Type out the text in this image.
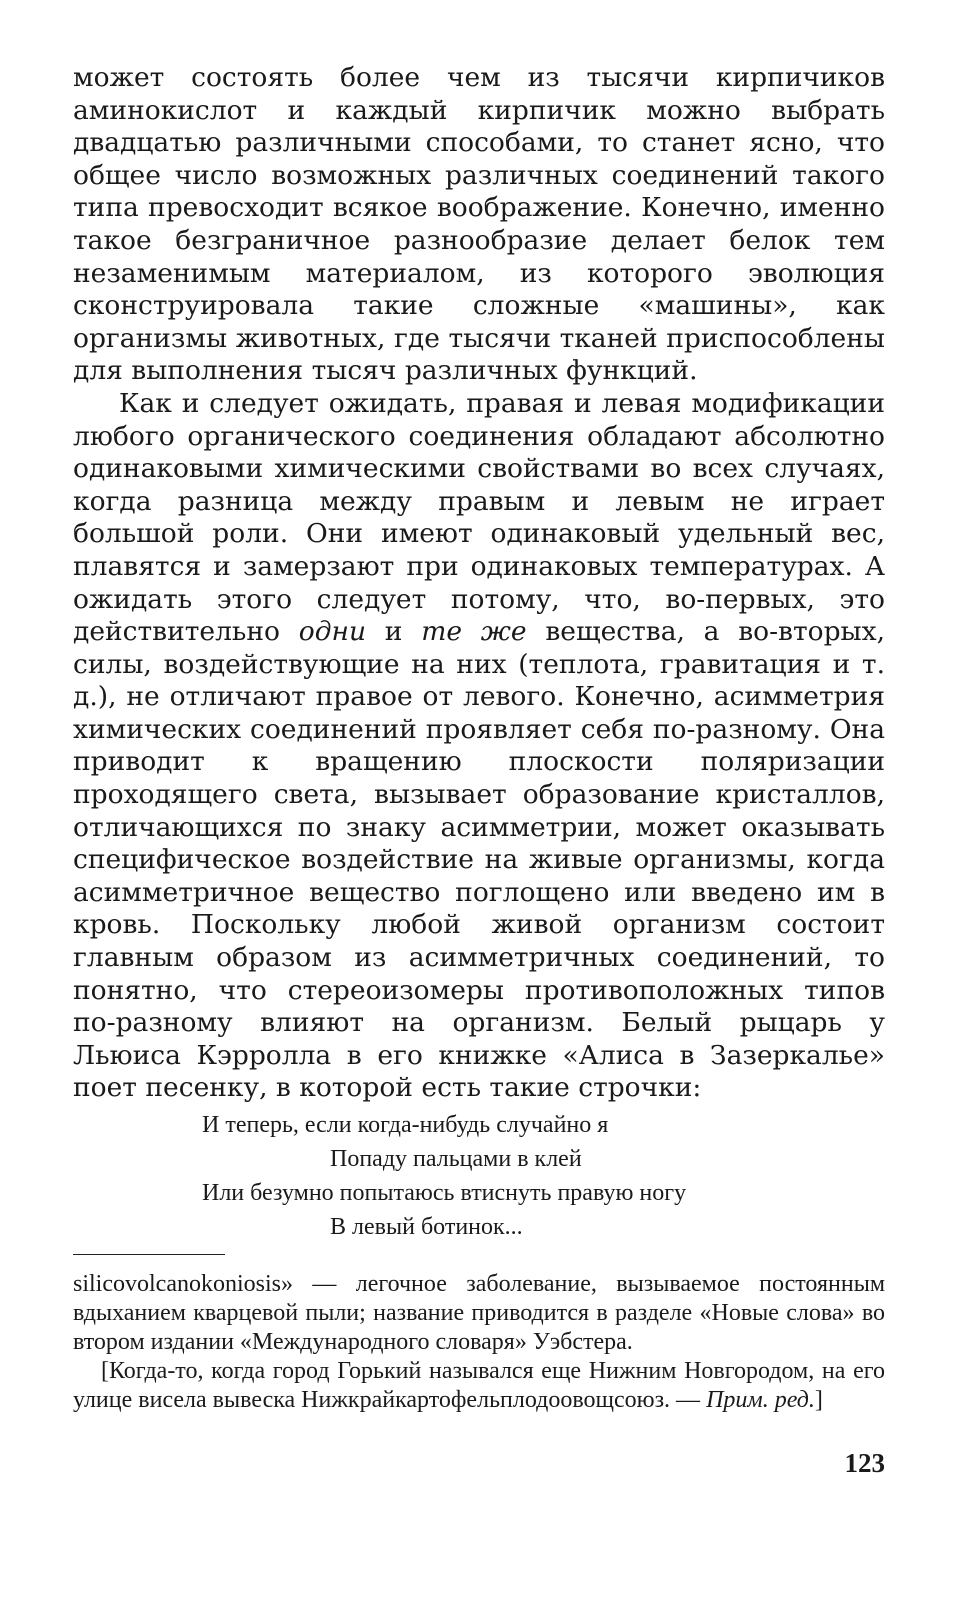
может состоять более чем из тысячи кирпичиков аминокислот и каждый кирпичик можно выбрать двадцатью различными способами, то станет ясно, что общее число возможных различных соединений такого типа превосходит всякое воображение. Конечно, именно такое безграничное разнообразие делает белок тем незаменимым материалом, из которого эволюция сконструировала такие сложные «машины», как организмы животных, где тысячи тканей приспособлены для выполнения тысяч различных функций.

Как и следует ожидать, правая и левая модификации любого органического соединения обладают абсолютно одинаковыми химическими свойствами во всех случаях, когда разница между правым и левым не играет большой роли. Они имеют одинаковый удельный вес, плавятся и замерзают при одинаковых температурах. А ожидать этого следует потому, что, во-первых, это действительно одни и те же вещества, а во-вторых, силы, воздействующие на них (теплота, гравитация и т. д.), не отличают правое от левого. Конечно, асимметрия химических соединений проявляет себя по-разному. Она приводит к вращению плоскости поляризации проходящего света, вызывает образование кристаллов, отличающихся по знаку асимметрии, может оказывать специфическое воздействие на живые организмы, когда асимметричное вещество поглощено или введено им в кровь. Поскольку любой живой организм состоит главным образом из асимметричных соединений, то понятно, что стереоизомеры противоположных типов по-разному влияют на организм. Белый рыцарь у Льюиса Кэрролла в его книжке «Алиса в Зазеркалье» поет песенку, в которой есть такие строчки:

И теперь, если когда-нибудь случайно я
Попаду пальцами в клей
Или безумно попытаюсь втиснуть правую ногу
В левый ботинок...

silicovolcanokoniosis» — легочное заболевание, вызываемое постоянным вдыханием кварцевой пыли; название приводится в разделе «Новые слова» во втором издании «Международного словаря» Уэбстера.

[Когда-то, когда город Горький назывался еще Нижним Новгородом, на его улице висела вывеска Нижкрайкартофельплодоовощсоюз. — Прим. ред.]

123
